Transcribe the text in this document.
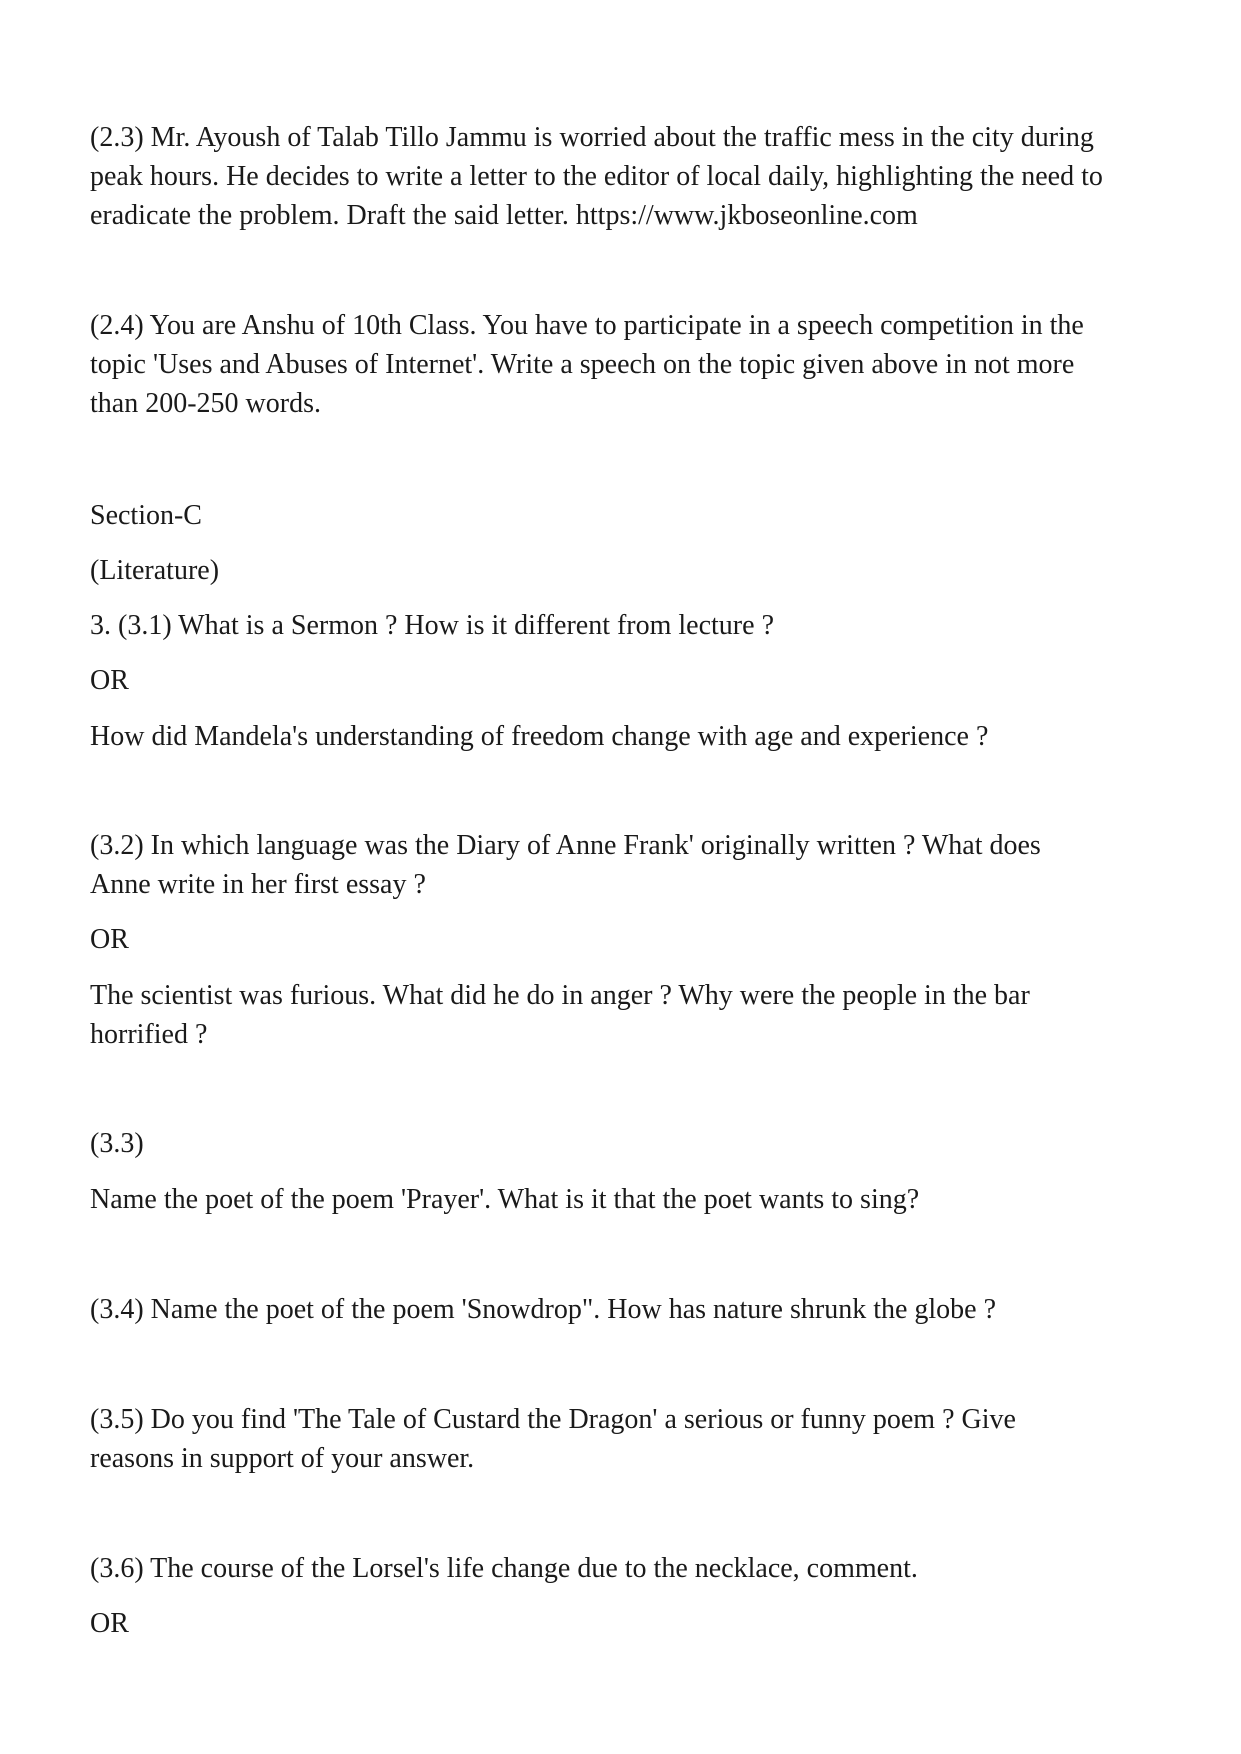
(2.3) Mr. Ayoush of Talab Tillo Jammu is worried about the traffic mess in the city during
peak hours. He decides to write a letter to the editor of local daily, highlighting the need to
eradicate the problem. Draft the said letter. https://www.jkboseonline.com

(2.4) You are Anshu of 10th Class. You have to participate in a speech competition in the
topic 'Uses and Abuses of Internet'. Write a speech on the topic given above in not more
than 200-250 words.

Section-C

(Literature)

3. (3.1) What is a Sermon ? How is it different from lecture ?

OR

How did Mandela's understanding of freedom change with age and experience ?

(3.2) In which language was the Diary of Anne Frank' originally written ? What does
Anne write in her first essay ?

OR

The scientist was furious. What did he do in anger ? Why were the people in the bar
horrified ?

(3.3)

Name the poet of the poem 'Prayer'. What is it that the poet wants to sing?

(3.4) Name the poet of the poem 'Snowdrop". How has nature shrunk the globe ?

(3.5) Do you find 'The Tale of Custard the Dragon' a serious or funny poem ? Give
reasons in support of your answer.

(3.6) The course of the Lorsel's life change due to the necklace, comment.

OR
